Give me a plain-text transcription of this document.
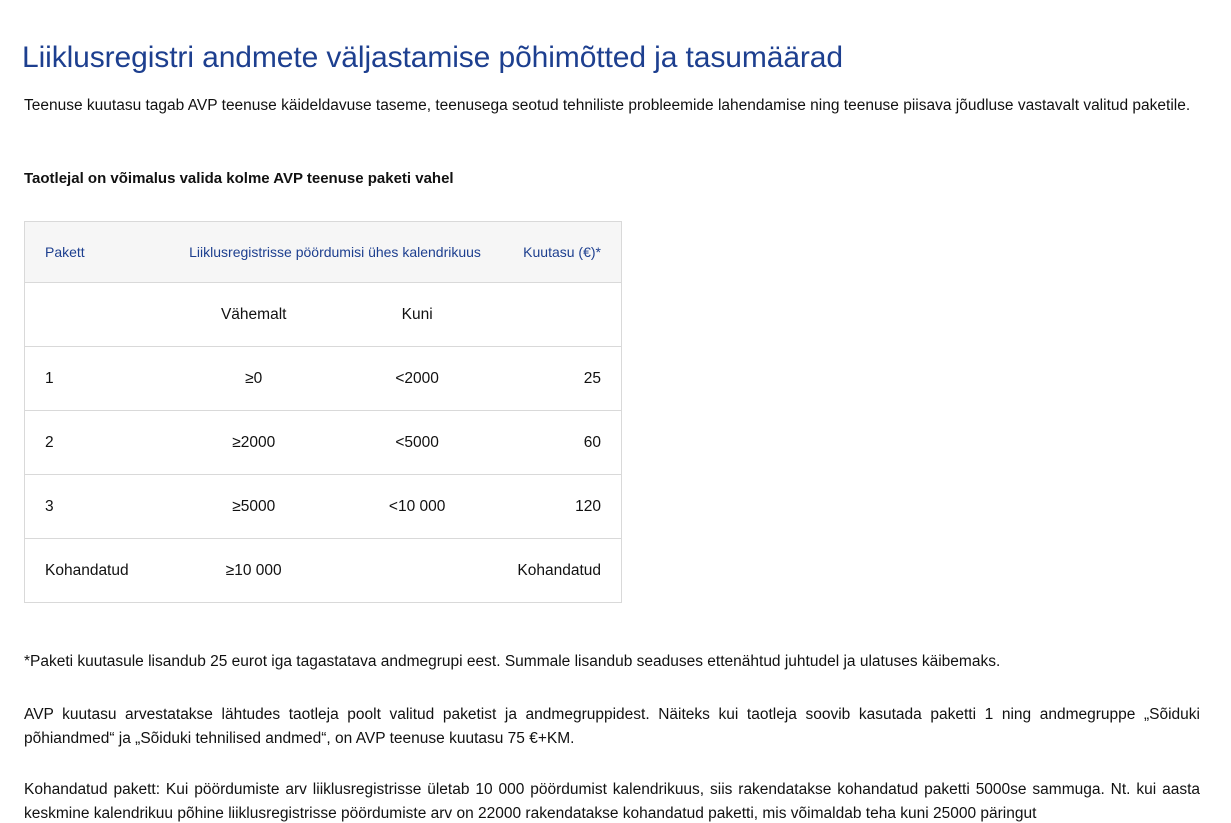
Liiklusregistri andmete väljastamise põhimõtted ja tasumäärad

Teenuse kuutasu tagab AVP teenuse käideldavuse taseme, teenusega seotud tehniliste probleemide lahendamise ning teenuse piisava jõudluse vastavalt valitud paketile.

Taotlejal on võimalus valida kolme AVP teenuse paketi vahel

Pakett	Liiklusregistrisse pöördumisi ühes kalendrikuus		Kuutasu (€)*
	Vähemalt	Kuni	
1	≥0	<2000	25
2	≥2000	<5000	60
3	≥5000	<10 000	120
Kohandatud	≥10 000		Kohandatud

*Paketi kuutasule lisandub 25 eurot iga tagastatava andmegrupi eest. Summale lisandub seaduses ettenähtud juhtudel ja ulatuses käibemaks.

AVP kuutasu arvestatakse lähtudes taotleja poolt valitud paketist ja andmegruppidest. Näiteks kui taotleja soovib kasutada paketti 1 ning andmegruppe „Sõiduki põhiandmed“ ja „Sõiduki tehnilised andmed“, on AVP teenuse kuutasu 75 €+KM.

Kohandatud pakett: Kui pöördumiste arv liiklusregistrisse ületab 10 000 pöördumist kalendrikuus, siis rakendatakse kohandatud paketti 5000se sammuga. Nt. kui aasta keskmine kalendrikuu põhine liiklusregistrisse pöördumiste arv on 22000 rakendatakse kohandatud paketti, mis võimaldab teha kuni 25000 päringut
